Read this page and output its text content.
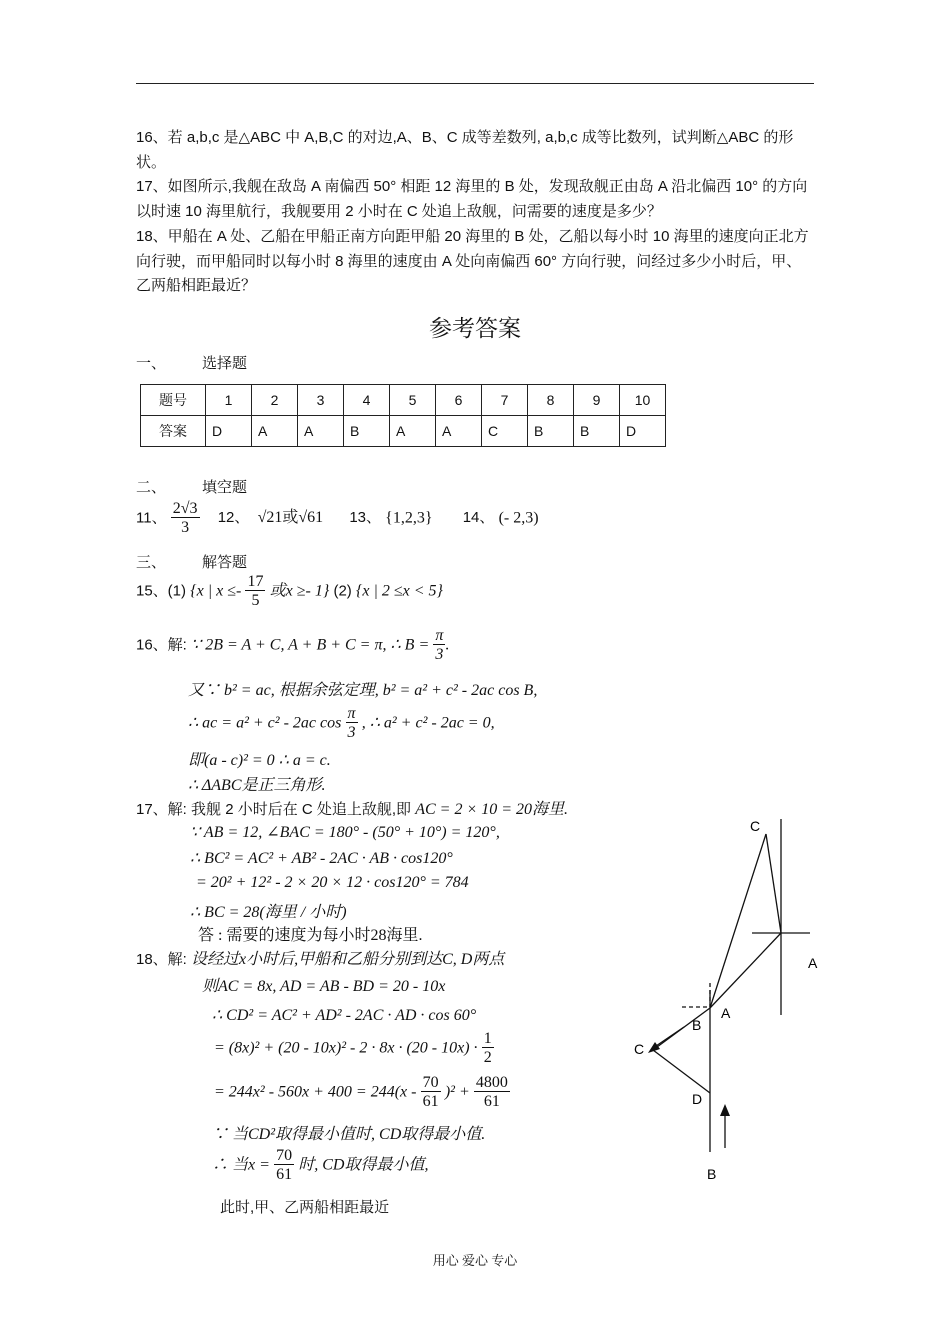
16、若 a,b,c 是△ABC 中 A,B,C 的对边,A、B、C 成等差数列, a,b,c 成等比数列，试判断△ABC 的形状。
17、如图所示,我舰在敌岛 A 南偏西 50° 相距 12 海里的 B 处，发现敌舰正由岛 A 沿北偏西 10° 的方向以时速 10 海里航行，我舰要用 2 小时在 C 处追上敌舰，问需要的速度是多少？
18、甲船在 A 处、乙船在甲船正南方向距甲船 20 海里的 B 处，乙船以每小时 10 海里的速度向正北方向行驶，而甲船同时以每小时 8 海里的速度由 A 处向南偏西 60° 方向行驶，问经过多少小时后，甲、乙两船相距最近？
参考答案
一、 选择题
题号	1	2	3	4	5	6	7	8	9	10
答案	D	A	A	B	A	A	C	B	B	D
二、 填空题
11、 $\frac{2√3}{3} 12$、 √21或√61 13、 {1,2,3} 14、 (- 2,3)
三、 解答题
15、(1) {x | $x \le- \frac{17}{5}$ 或x ≥- 1} (2) {x | 2 ≤x < 5}
16、解: ∵ 2B = A + C, A + B + C = π, ∴ $B = \frac{\pi}{3}$ .
又∵ b² = ac, 根据余弦定理, b² = a² + c² - 2ac cos B,
∴ ac = a² + c² - 2ac $\cos \frac{\pi}{3}$ , ∴ a² + c² - 2ac = 0,
即(a - c)² = 0 ∴ a = c.
∴ ΔABC是正三角形.
17、解: 我舰 2 小时后在 C 处追上敌舰,即 AC = 2 × 10 = 20海里.
∵ AB = 12, ∠BAC = 180° - (50° + 10°) = 120°,
∴ BC² = AC² + AB² - 2AC · AB · cos120°
= 20² + 12² - 2 × 20 × 12 · cos120° = 784
∴ BC = 28(海里 / 小时)
答 : 需要的速度为每小时28海里.
18、解: 设经过x小时后,甲船和乙船分别到达C, D两点
则AC = 8x, AD = AB - BD = 20 - 10x
∴ CD² = AC² + AD² - 2AC · AD · cos 60°
= $(8x)^2 + (20 - 10x)^2 - 2 \cdot 8x \cdot (20 - 10x) \cdot \frac{1}{2}$
= $244x^2 - 560x + 400 = 244(x - \frac{70}{61} )^2 + \frac{4800}{61}$
∵ 当CD²取得最小值时, CD取得最小值.
∴ 当$x = \frac{70}{61}$ 时, CD取得最小值,
此时,甲、乙两船相距最近
C
A
B
A
C
D
B
用心 爱心 专心
